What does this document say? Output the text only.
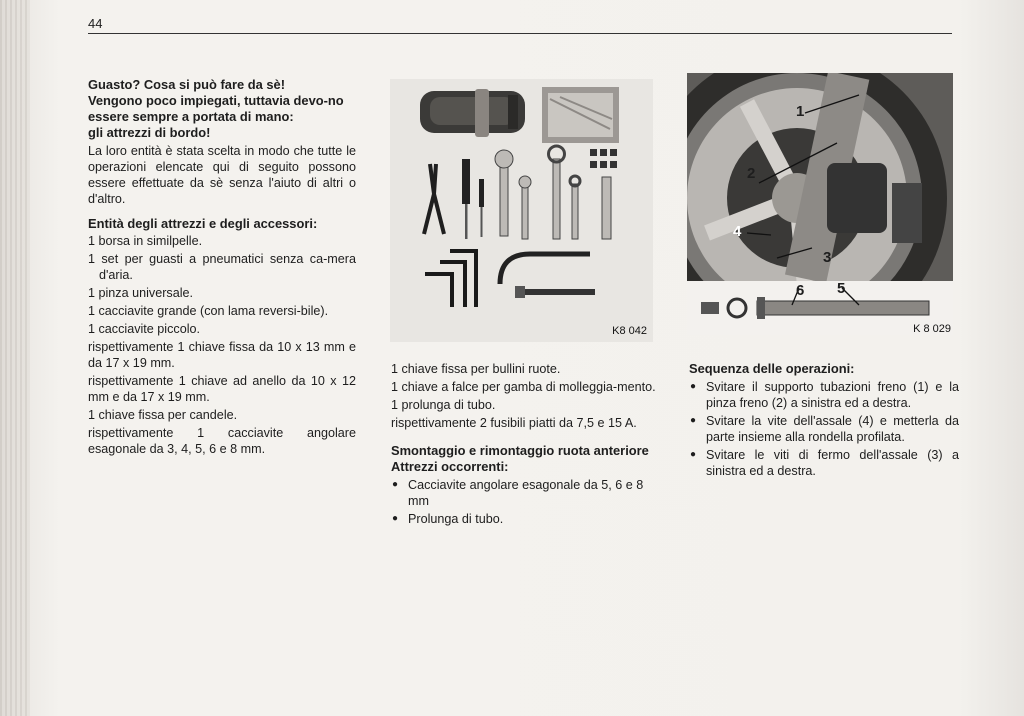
44

Guasto? Cosa si può fare da sè!

Vengono poco impiegati, tuttavia devo-no essere sempre a portata di mano:

gli attrezzi di bordo!

La loro entità è stata scelta in modo che tutte le operazioni elencate qui di seguito possono essere effettuate da sè senza l'aiuto di altri o d'altro.

Entità degli attrezzi e degli accessori:

1 borsa in similpelle.

1 set per guasti a pneumatici senza ca-mera d'aria.

1 pinza universale.

1 cacciavite grande (con lama reversi-bile).

1 cacciavite piccolo.

rispettivamente 1 chiave fissa da 10 x 13 mm e da 17 x 19 mm.

rispettivamente 1 chiave ad anello da 10 x 12 mm e da 17 x 19 mm.

1 chiave fissa per candele.

rispettivamente 1 cacciavite angolare esagonale da 3, 4, 5, 6 e 8 mm.

K8 042

1 chiave fissa per bullini ruote.

1 chiave a falce per gamba di molleggia-mento.

1 prolunga di tubo.

rispettivamente 2 fusibili piatti da 7,5 e 15 A.

Smontaggio e rimontaggio ruota anteriore

Attrezzi occorrenti:

● Cacciavite angolare esagonale da 5, 6 e 8 mm
● Prolunga di tubo.
1
2
4
3
6 5
K 8 029

Sequenza delle operazioni:

● Svitare il supporto tubazioni freno (1) e la pinza freno (2) a sinistra ed a destra.
● Svitare la vite dell'assale (4) e metterla da parte insieme alla rondella profilata.
● Svitare le viti di fermo dell'assale (3) a sinistra ed a destra.
